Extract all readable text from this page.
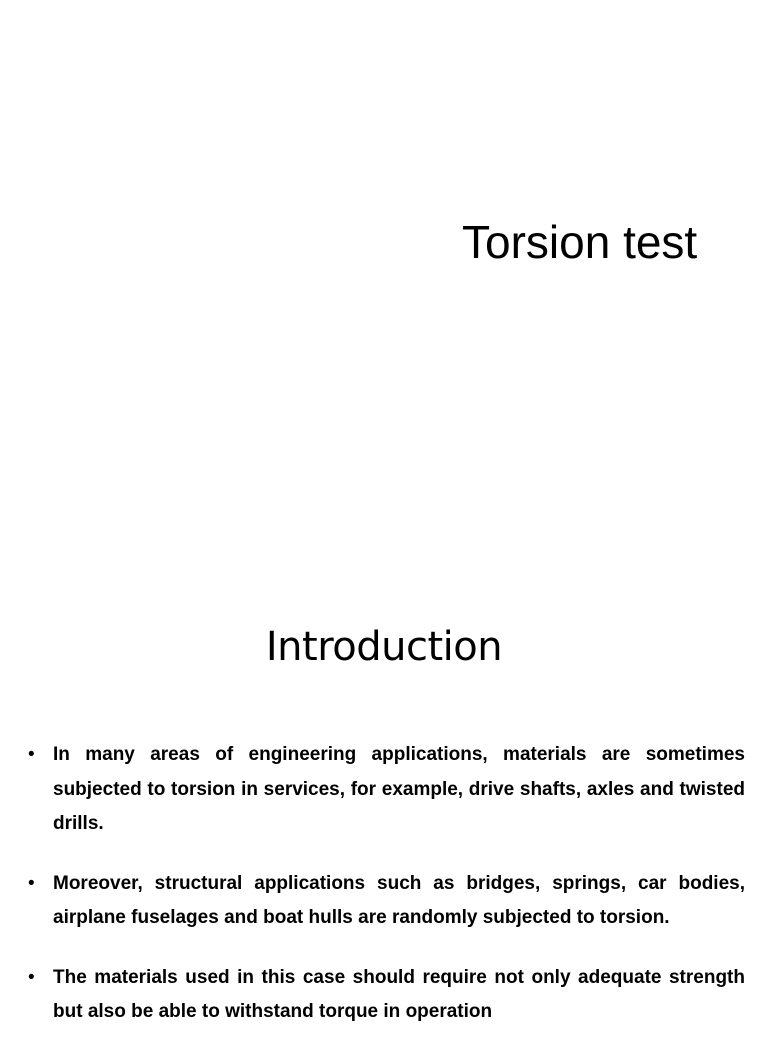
Torsion test
Introduction
• In many areas of engineering applications, materials are sometimes subjected to torsion in services, for example, drive shafts, axles and twisted drills.
• Moreover, structural applications such as bridges, springs, car bodies, airplane fuselages and boat hulls are randomly subjected to torsion.
• The materials used in this case should require not only adequate strength but also be able to withstand torque in operation
